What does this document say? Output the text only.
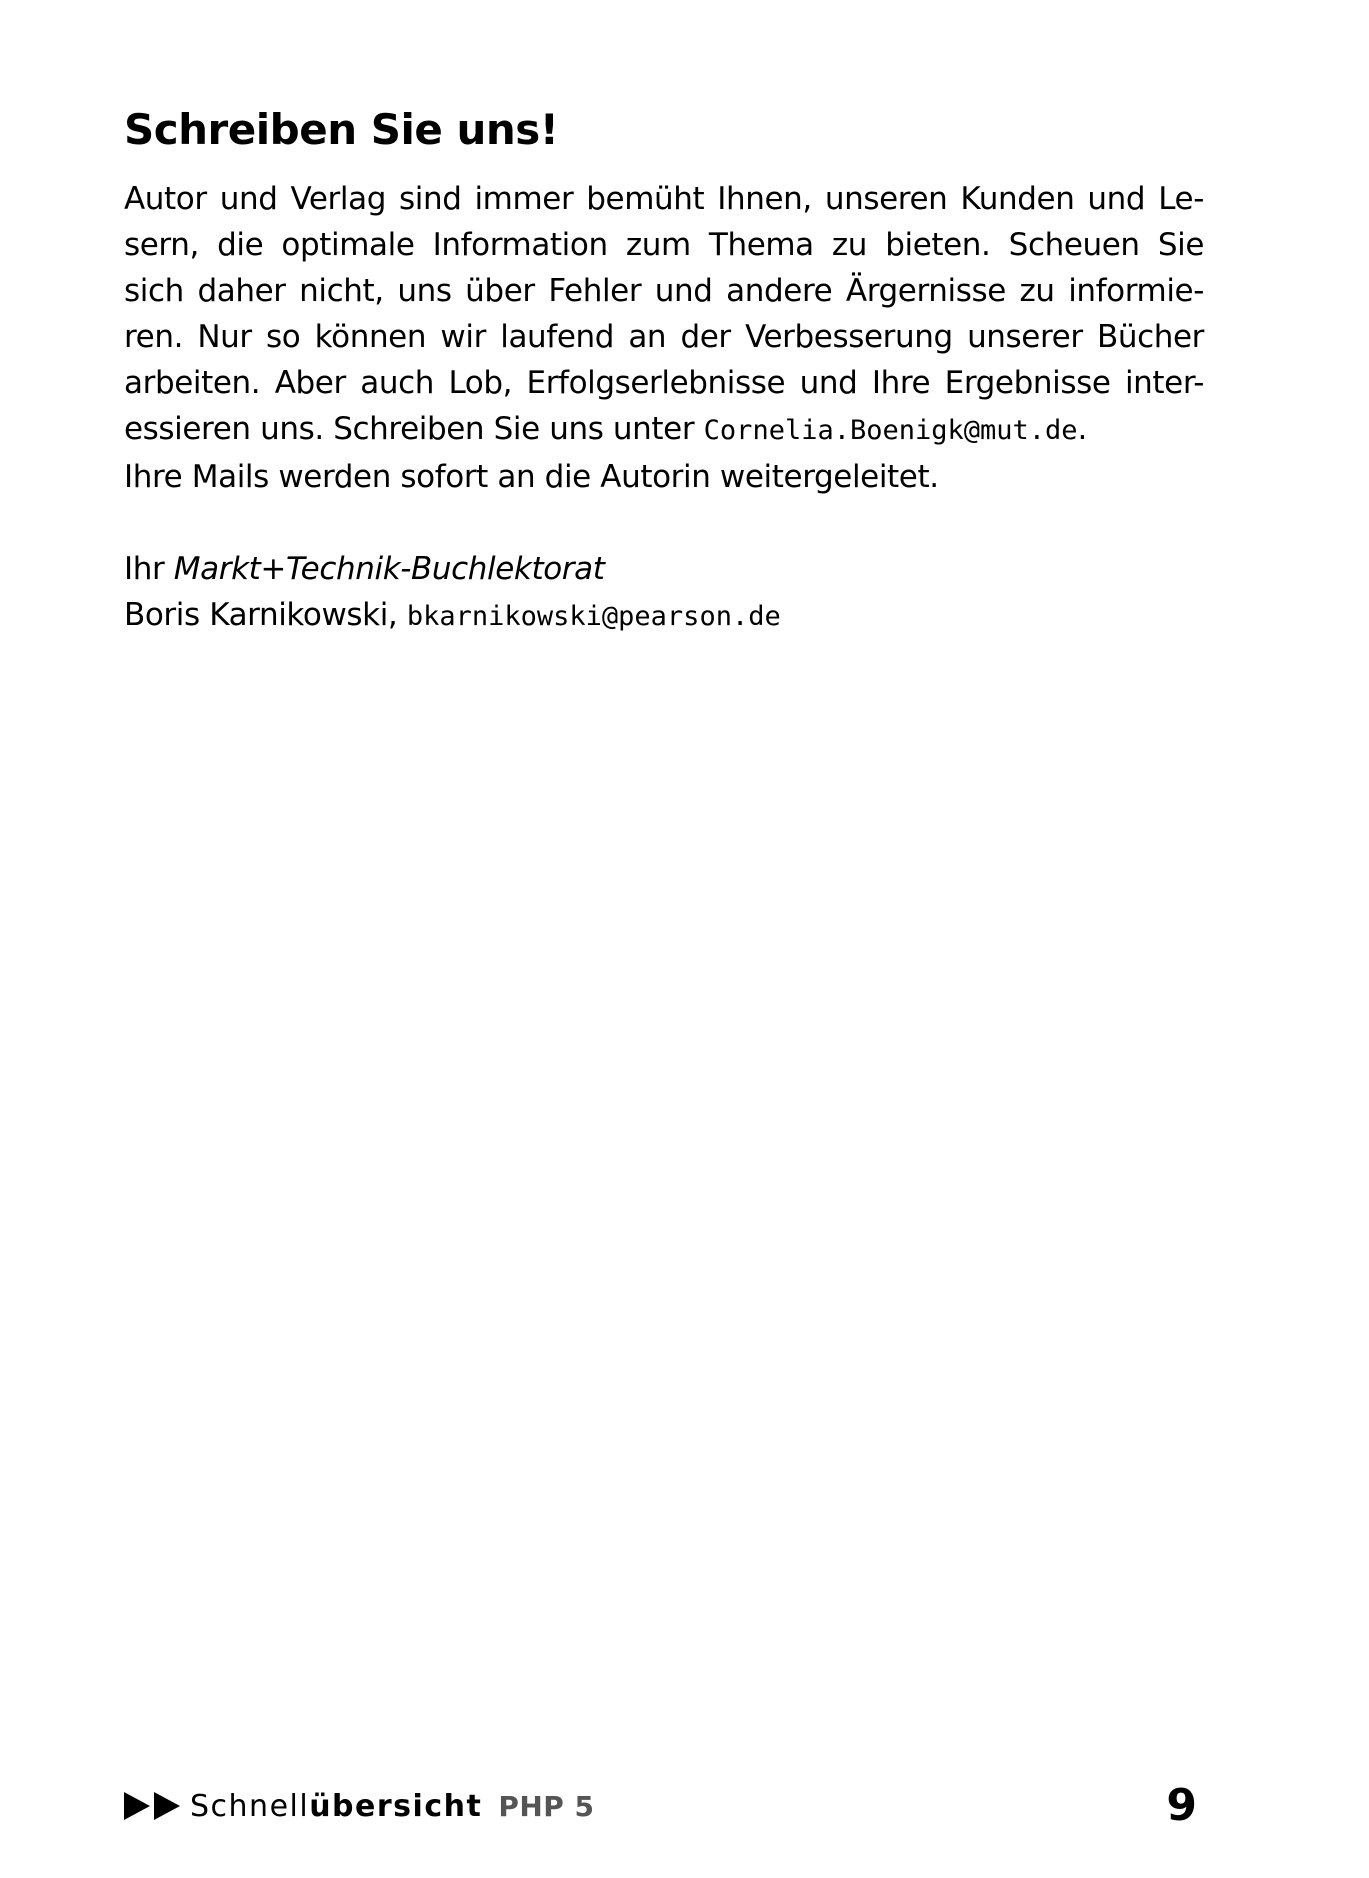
Schreiben Sie uns!
Autor und Verlag sind immer bemüht Ihnen, unseren Kunden und Le-
sern, die optimale Information zum Thema zu bieten. Scheuen Sie
sich daher nicht, uns über Fehler und andere Ärgernisse zu informie-
ren. Nur so können wir laufend an der Verbesserung unserer Bücher
arbeiten. Aber auch Lob, Erfolgserlebnisse und Ihre Ergebnisse inter-
essieren uns. Schreiben Sie uns unter Cornelia.Boenigk@mut.de.
Ihre Mails werden sofort an die Autorin weitergeleitet.
Ihr Markt+Technik-Buchlektorat
Boris Karnikowski, bkarnikowski@pearson.de
Schnellübersicht PHP 5	9
